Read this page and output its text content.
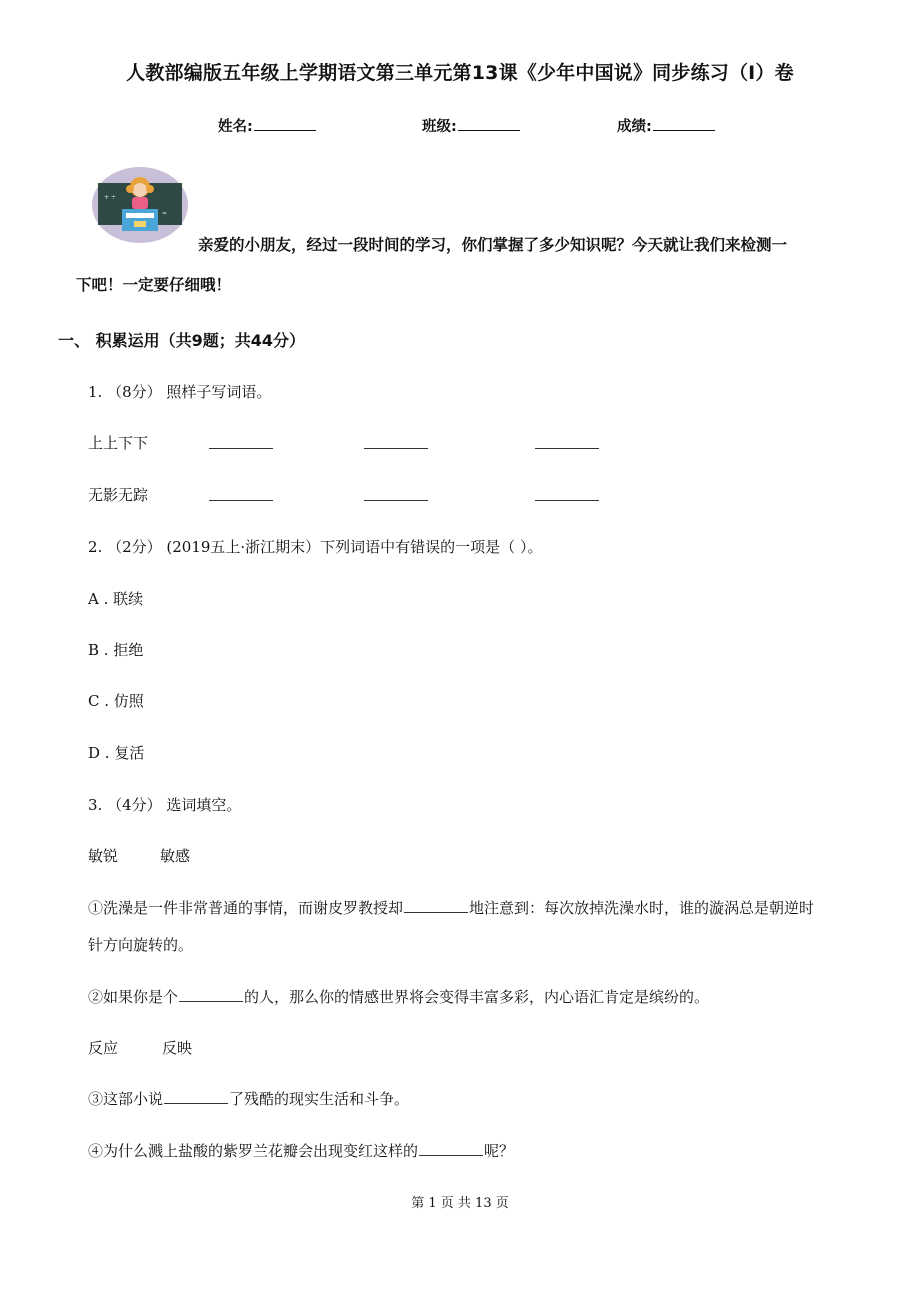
人教部编版五年级上学期语文第三单元第13课《少年中国说》同步练习（I）卷
姓名:	班级:	成绩:
+ ÷
=
亲爱的小朋友，经过一段时间的学习，你们掌握了多少知识呢？今天就让我们来检测一
下吧！一定要仔细哦！
一、 积累运用（共9题；共44分）
1. （8分） 照样子写词语。
上上下下
无影无踪
2. （2分） (2019五上·浙江期末）下列词语中有错误的一项是（ ）。
A . 联续
B . 拒绝
C . 仿照
D . 复活
3. （4分） 选词填空。
敏锐	敏感
①洗澡是一件非常普通的事情，而谢皮罗教授却	地注意到：每次放掉洗澡水时，谁的漩涡总是朝逆时
针方向旋转的。
②如果你是个	的人，那么你的情感世界将会变得丰富多彩，内心语汇肯定是缤纷的。
反应	反映
③这部小说	了残酷的现实生活和斗争。
④为什么溅上盐酸的紫罗兰花瓣会出现变红这样的	呢？
第 1 页 共 13 页
